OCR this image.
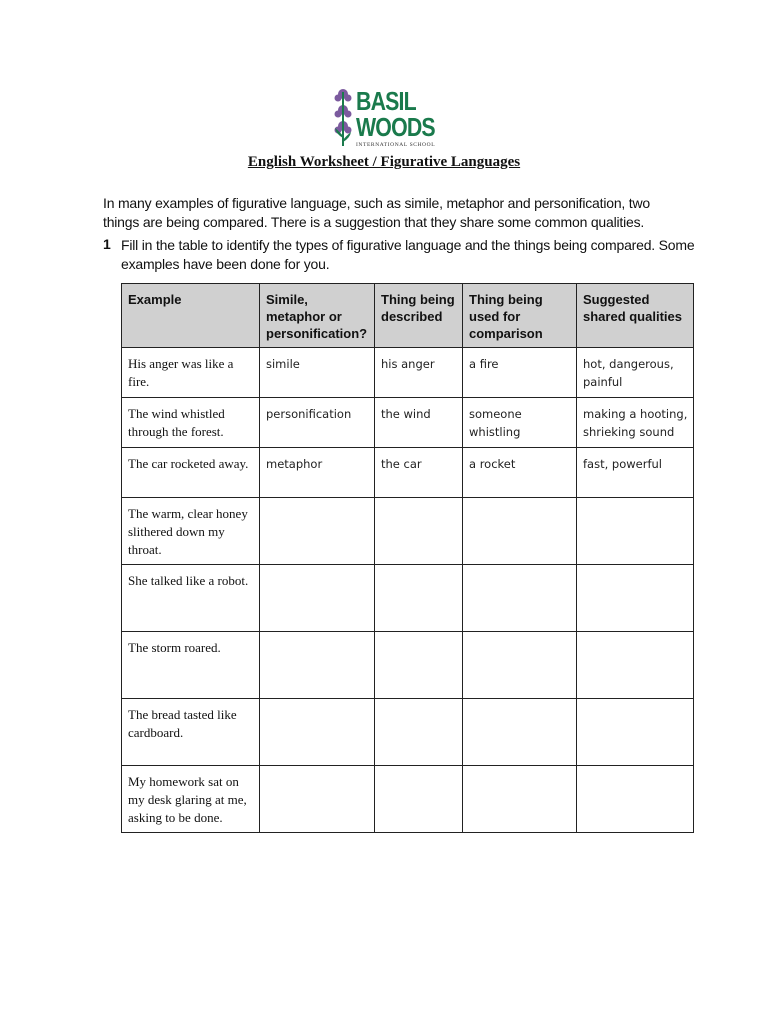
BASIL
WOODS
INTERNATIONAL SCHOOL
English Worksheet / Figurative Languages
In many examples of figurative language, such as simile, metaphor and personification, two things are being compared. There is a suggestion that they share some common qualities.
1 Fill in the table to identify the types of figurative language and the things being compared. Some examples have been done for you.
Example	Simile, metaphor or personification?	Thing being described	Thing being used for comparison	Suggested shared qualities
His anger was like a fire.	simile	his anger	a fire	hot, dangerous, painful
The wind whistled through the forest.	personification	the wind	someone whistling	making a hooting, shrieking sound
The car rocketed away.	metaphor	the car	a rocket	fast, powerful
The warm, clear honey slithered down my throat.				
She talked like a robot.				
The storm roared.				
The bread tasted like cardboard.				
My homework sat on my desk glaring at me, asking to be done.				
